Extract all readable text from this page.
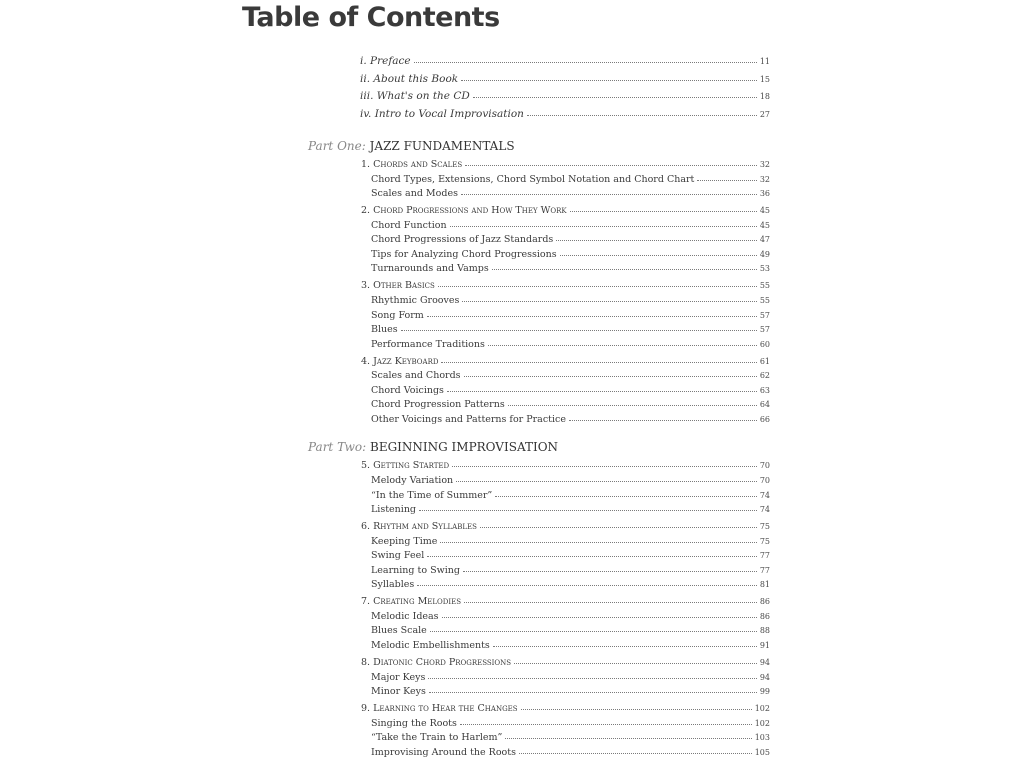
Table of Contents
i. Preface	11
ii. About this Book	15
iii. What's on the CD	18
iv. Intro to Vocal Improvisation	27
Part One: JAZZ FUNDAMENTALS
1. Chords and Scales	32
Chord Types, Extensions, Chord Symbol Notation and Chord Chart	32
Scales and Modes	36
2. Chord Progressions and How They Work	45
Chord Function	45
Chord Progressions of Jazz Standards	47
Tips for Analyzing Chord Progressions	49
Turnarounds and Vamps	53
3. Other Basics	55
Rhythmic Grooves	55
Song Form	57
Blues	57
Performance Traditions	60
4. Jazz Keyboard	61
Scales and Chords	62
Chord Voicings	63
Chord Progression Patterns	64
Other Voicings and Patterns for Practice	66
Part Two: BEGINNING IMPROVISATION
5. Getting Started	70
Melody Variation	70
“In the Time of Summer”	74
Listening	74
6. Rhythm and Syllables	75
Keeping Time	75
Swing Feel	77
Learning to Swing	77
Syllables	81
7. Creating Melodies	86
Melodic Ideas	86
Blues Scale	88
Melodic Embellishments	91
8. Diatonic Chord Progressions	94
Major Keys	94
Minor Keys	99
9. Learning to Hear the Changes	102
Singing the Roots	102
“Take the Train to Harlem”	103
Improvising Around the Roots	105
